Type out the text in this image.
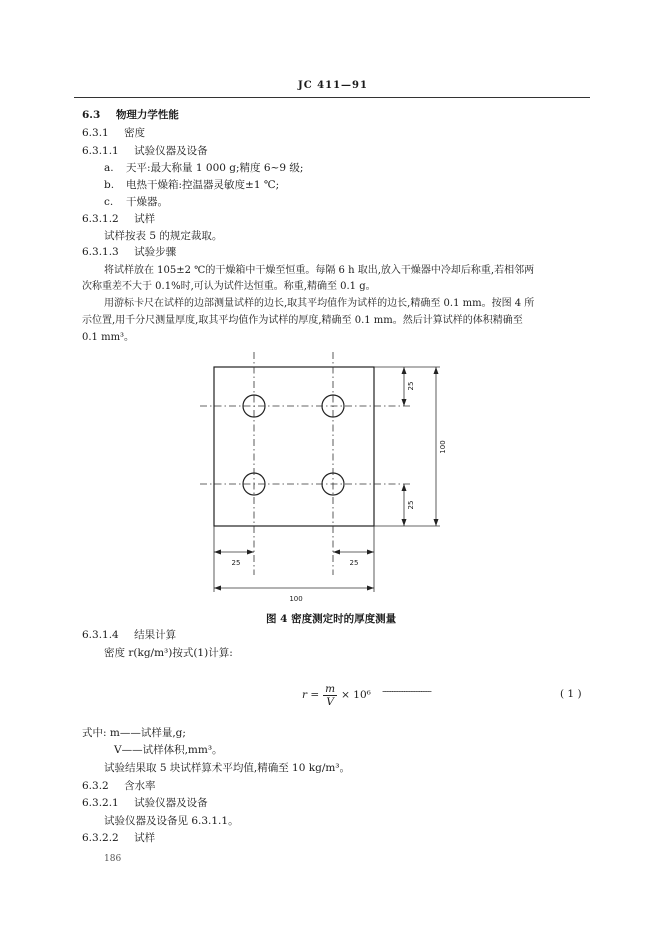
JC 411—91
6.3 物理力学性能
6.3.1 密度
6.3.1.1 试验仪器及设备
a. 天平:最大称量 1 000 g;精度 6~9 级;
b. 电热干燥箱:控温器灵敏度±1 ℃;
c. 干燥器。
6.3.1.2 试样
试样按表 5 的规定裁取。
6.3.1.3 试验步骤
将试样放在 105±2 ℃的干燥箱中干燥至恒重。每隔 6 h 取出,放入干燥器中冷却后称重,若相邻两
次称重差不大于 0.1%时,可认为试件达恒重。称重,精确至 0.1 g。
用游标卡尺在试样的边部测量试样的边长,取其平均值作为试样的边长,精确至 0.1 mm。按图 4 所
示位置,用千分尺测量厚度,取其平均值作为试样的厚度,精确至 0.1 mm。然后计算试样的体积精确至
0.1 mm³。
25
100
25
25	25
100
图 4 密度测定时的厚度测量
6.3.1.4 结果计算
密度 r(kg/m³)按式(1)计算:
$r = \frac{m}{V} \times 10^6$ ·····································································	( 1 )
式中: m——试样量,g;
V——试样体积,mm³。
试验结果取 5 块试样算术平均值,精确至 10 kg/m³。
6.3.2 含水率
6.3.2.1 试验仪器及设备
试验仪器及设备见 6.3.1.1。
6.3.2.2 试样
186
